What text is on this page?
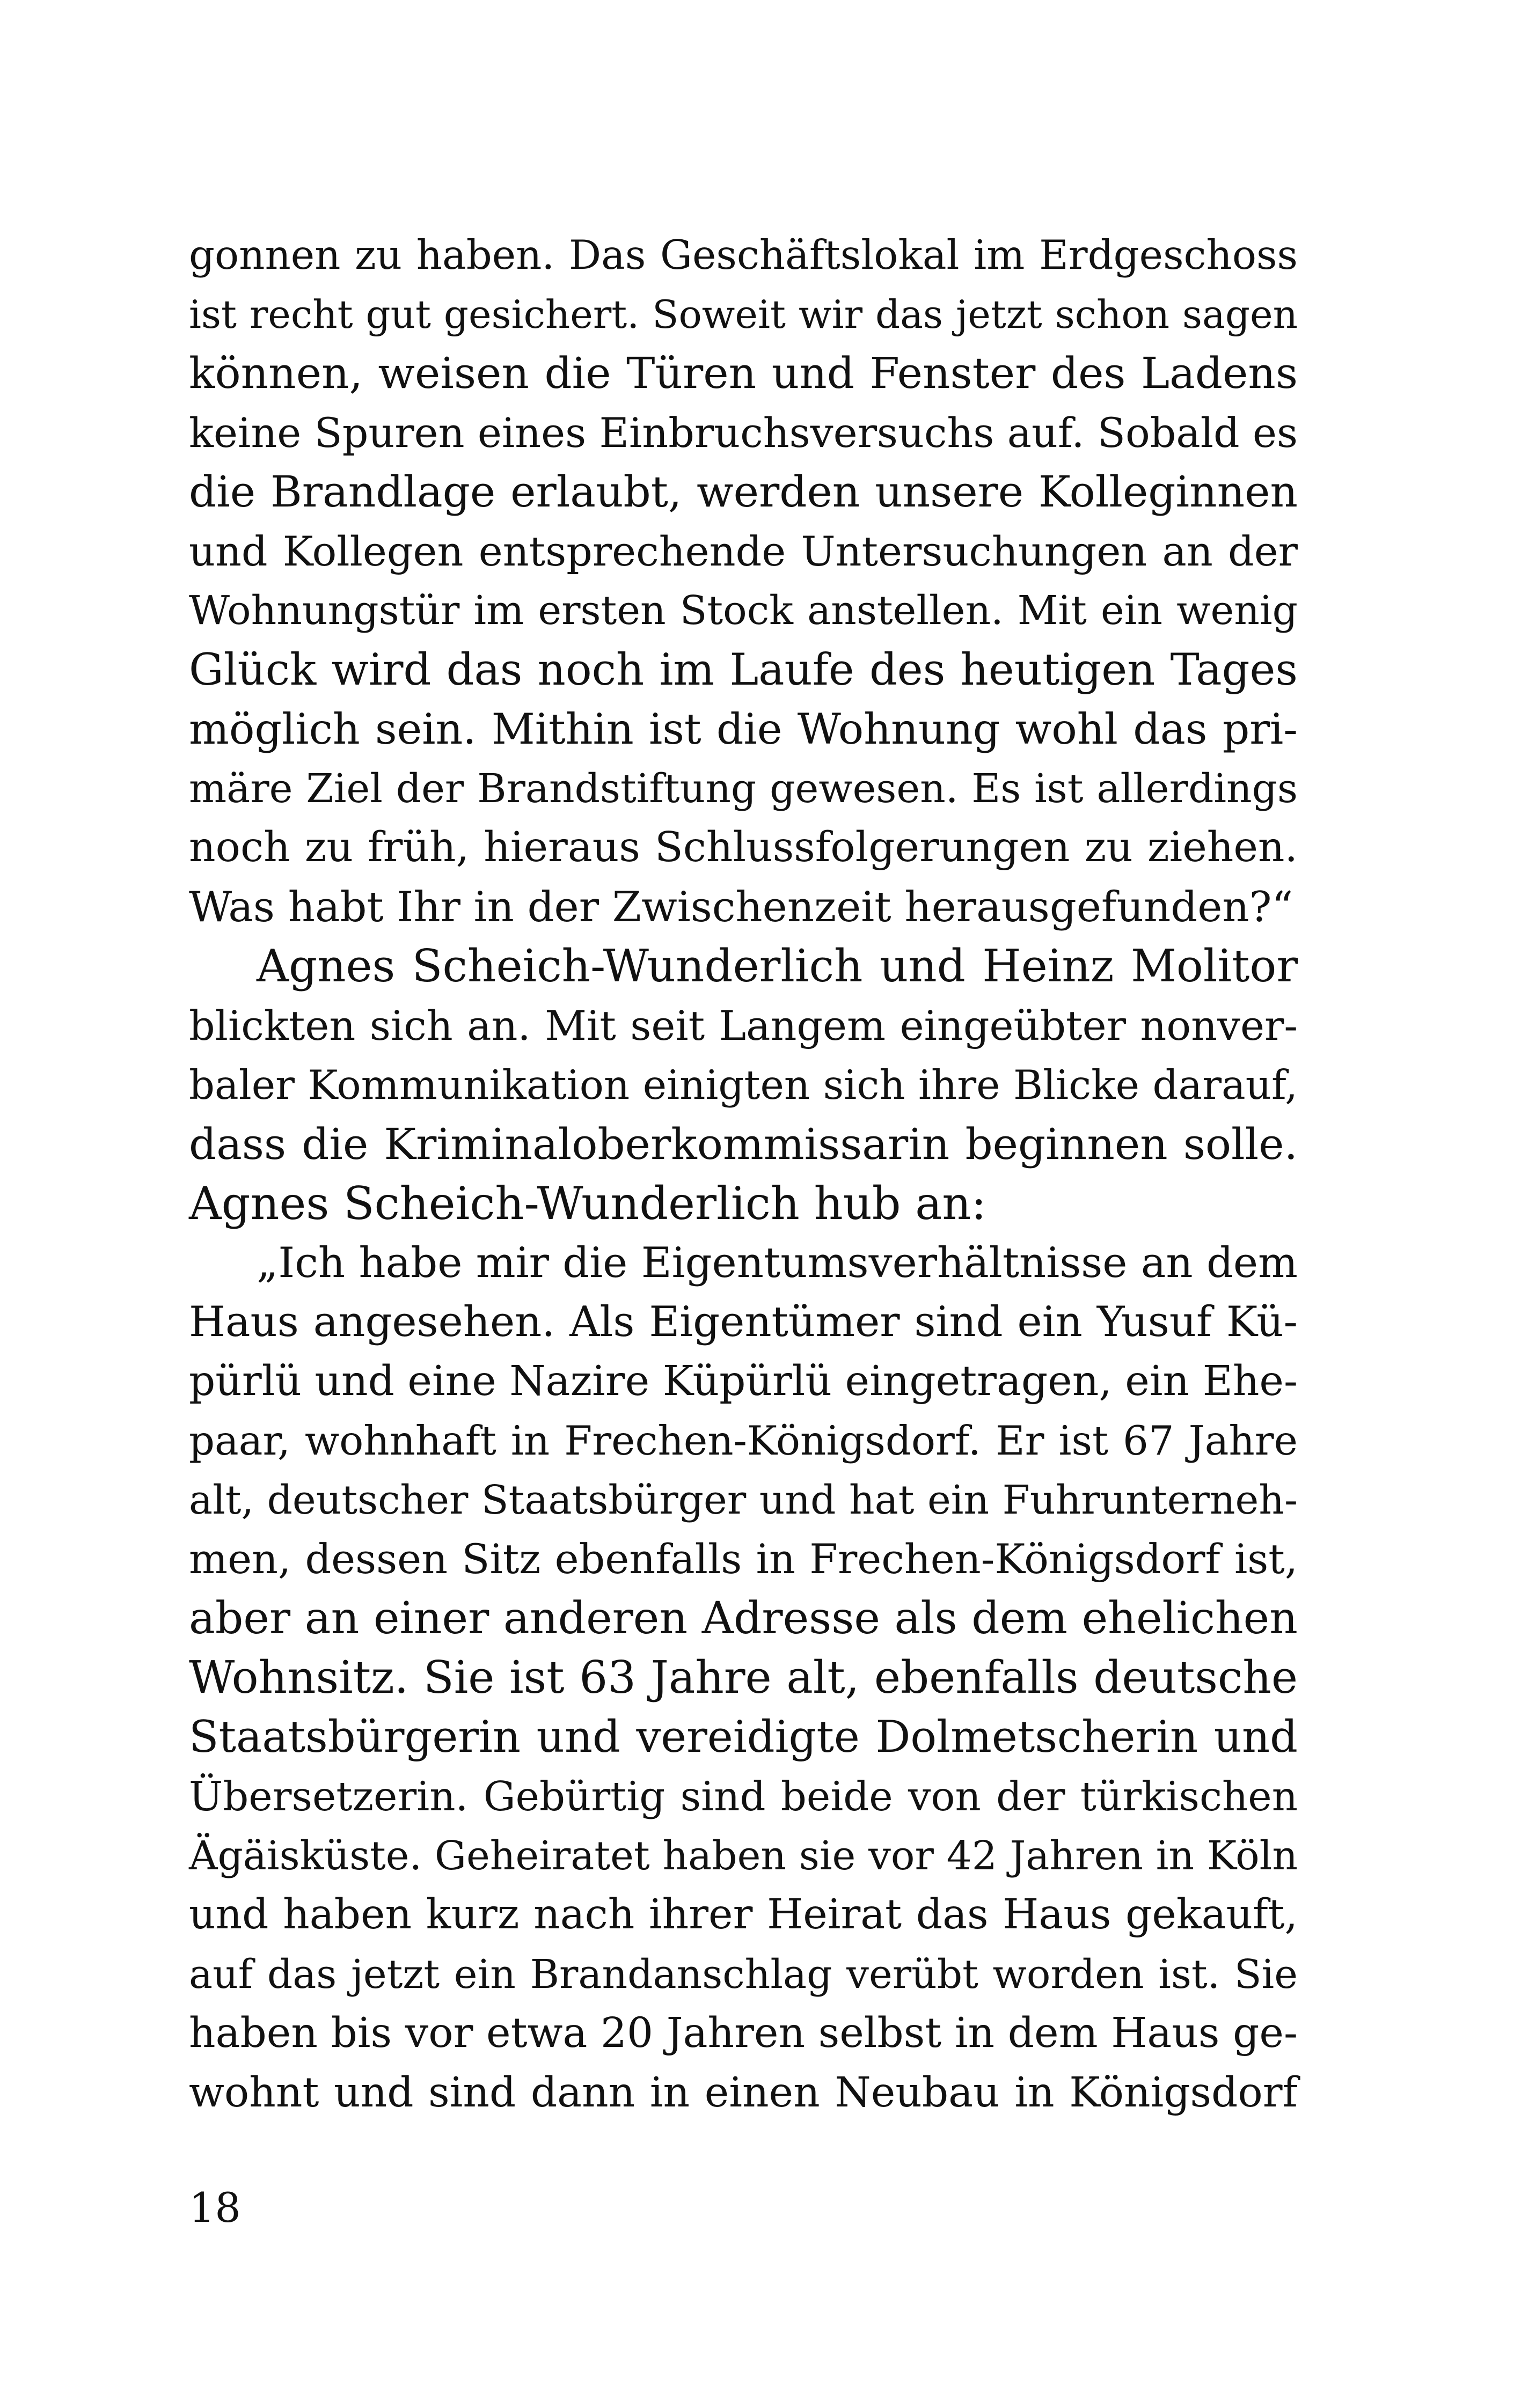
gonnen zu haben. Das Geschäftslokal im Erdgeschoss
ist recht gut gesichert. Soweit wir das jetzt schon sagen
können, weisen die Türen und Fenster des Ladens
keine Spuren eines Einbruchsversuchs auf. Sobald es
die Brandlage erlaubt, werden unsere Kolleginnen
und Kollegen entsprechende Untersuchungen an der
Wohnungstür im ersten Stock anstellen. Mit ein wenig
Glück wird das noch im Laufe des heutigen Tages
möglich sein. Mithin ist die Wohnung wohl das pri-
märe Ziel der Brandstiftung gewesen. Es ist allerdings
noch zu früh, hieraus Schlussfolgerungen zu ziehen.
Was habt Ihr in der Zwischenzeit herausgefunden?“
Agnes Scheich-Wunderlich und Heinz Molitor
blickten sich an. Mit seit Langem eingeübter nonver-
baler Kommunikation einigten sich ihre Blicke darauf,
dass die Kriminaloberkommissarin beginnen solle.
Agnes Scheich-Wunderlich hub an:
„Ich habe mir die Eigentumsverhältnisse an dem
Haus angesehen. Als Eigentümer sind ein Yusuf Kü-
pürlü und eine Nazire Küpürlü eingetragen, ein Ehe-
paar, wohnhaft in Frechen-Königsdorf. Er ist 67 Jahre
alt, deutscher Staatsbürger und hat ein Fuhrunterneh-
men, dessen Sitz ebenfalls in Frechen-Königsdorf ist,
aber an einer anderen Adresse als dem ehelichen
Wohnsitz. Sie ist 63 Jahre alt, ebenfalls deutsche
Staatsbürgerin und vereidigte Dolmetscherin und
Übersetzerin. Gebürtig sind beide von der türkischen
Ägäisküste. Geheiratet haben sie vor 42 Jahren in Köln
und haben kurz nach ihrer Heirat das Haus gekauft,
auf das jetzt ein Brandanschlag verübt worden ist. Sie
haben bis vor etwa 20 Jahren selbst in dem Haus ge-
wohnt und sind dann in einen Neubau in Königsdorf
18
